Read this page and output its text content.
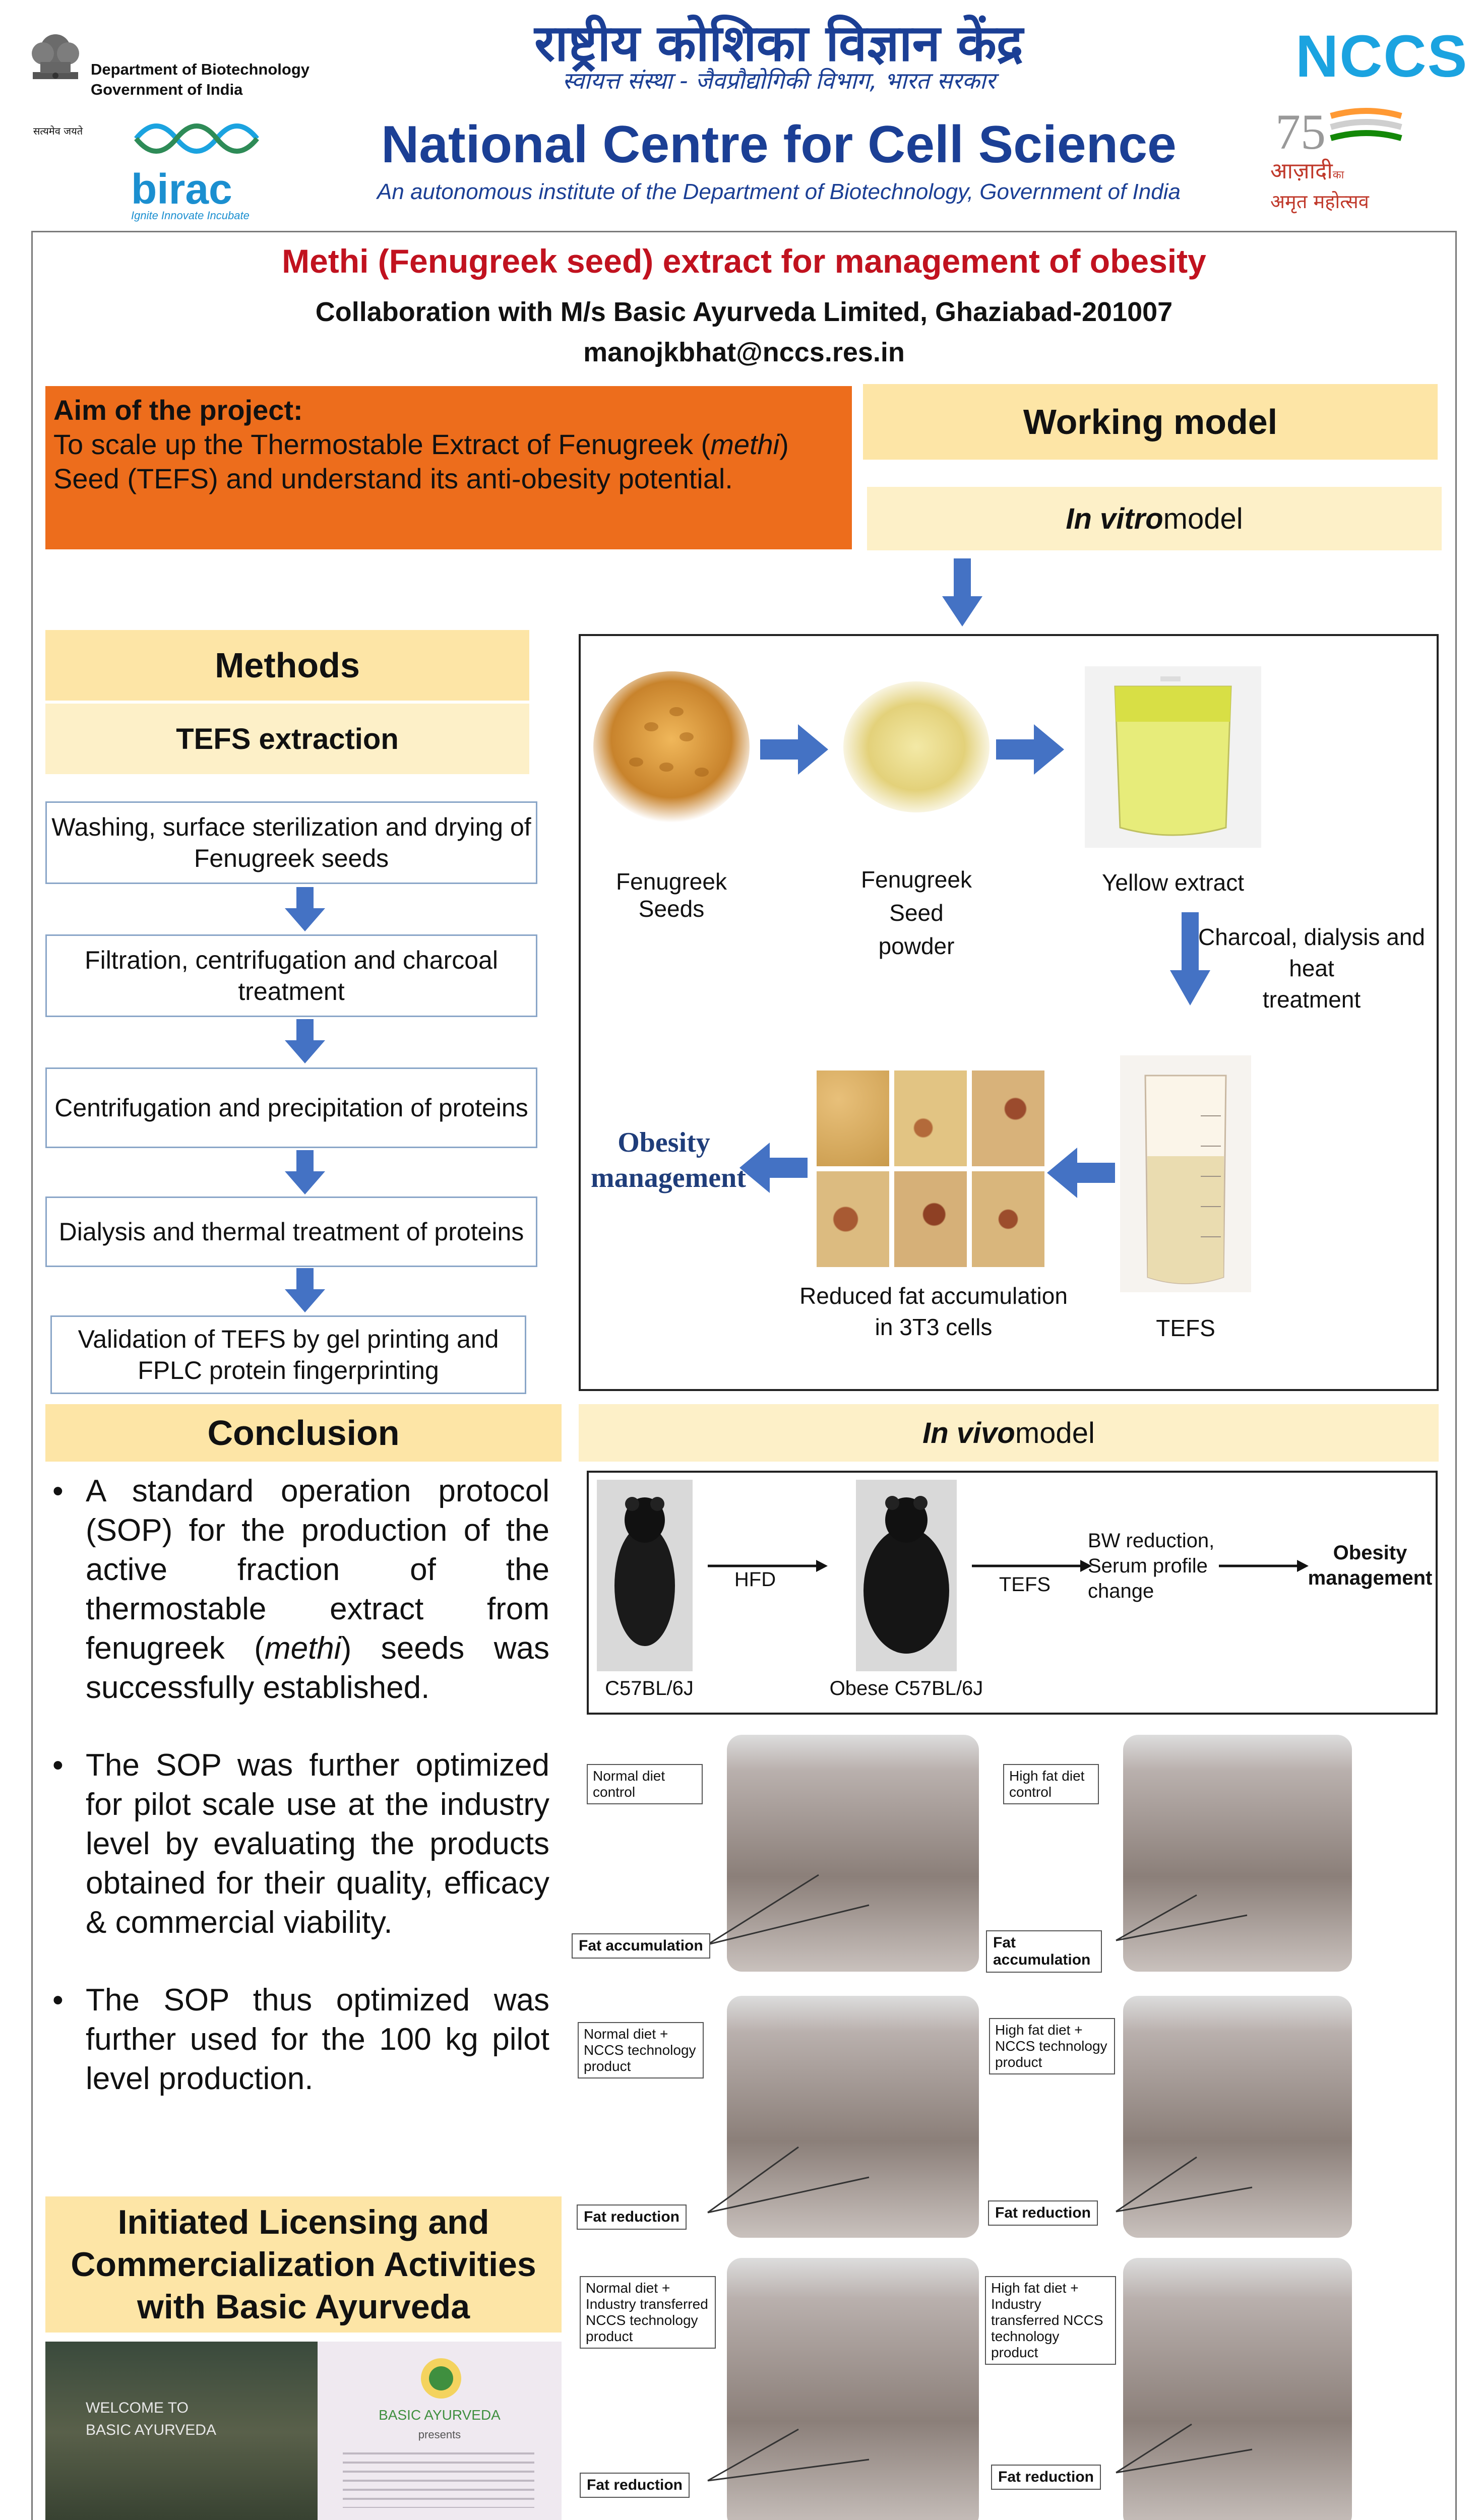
सत्यमेव जयते
Department of Biotechnology
Government of India
birac
Ignite Innovate Incubate
राष्ट्रीय कोशिका विज्ञान केंद्र
स्वायत्त संस्था - जैवप्रौद्योगिकी विभाग, भारत सरकार
National Centre for Cell Science
An autonomous institute of the Department of Biotechnology, Government of India
NCCS
75
आज़ादीका
अमृत महोत्सव
Methi (Fenugreek seed) extract for management of obesity
Collaboration with M/s Basic Ayurveda Limited, Ghaziabad-201007
manojkbhat@nccs.res.in
Aim of the project:
To scale up the Thermostable Extract of Fenugreek (methi) Seed (TEFS) and understand its anti-obesity potential.
Working model
In vitro model
Methods
TEFS extraction
Washing, surface sterilization and drying of Fenugreek seeds
Filtration, centrifugation and charcoal treatment
Centrifugation and precipitation of proteins
Dialysis and thermal treatment of proteins
Validation of TEFS by gel printing and FPLC protein fingerprinting
Fenugreek Seeds
Fenugreek Seed
powder
Yellow extract
Charcoal, dialysis and heat
treatment
TEFS
Reduced fat accumulation
in 3T3 cells
Obesity
management
Conclusion	In vivo model
• A standard operation protocol (SOP) for the production of the active fraction of the thermostable extract from fenugreek (methi) seeds was successfully established.
• The SOP was further optimized for pilot scale use at the industry level by evaluating the products obtained for their quality, efficacy & commercial viability.
• The SOP thus optimized was further used for the 100 kg pilot level production.
C57BL/6J
HFD
Obese C57BL/6J
TEFS
BW reduction,
Serum profile
change
Obesity
management
Normal diet control
Fat accumulation
High fat diet control
Fat accumulation
Normal diet + NCCS technology product
Fat reduction
High fat diet + NCCS technology product
Fat reduction
Normal diet + Industry transferred NCCS technology product
Fat reduction
High fat diet + Industry transferred NCCS technology product
Fat reduction
Initiated Licensing and Commercialization Activities with Basic Ayurveda
WELCOME TO
BASIC AYURVEDA
BASIC AYURVEDA
presents
